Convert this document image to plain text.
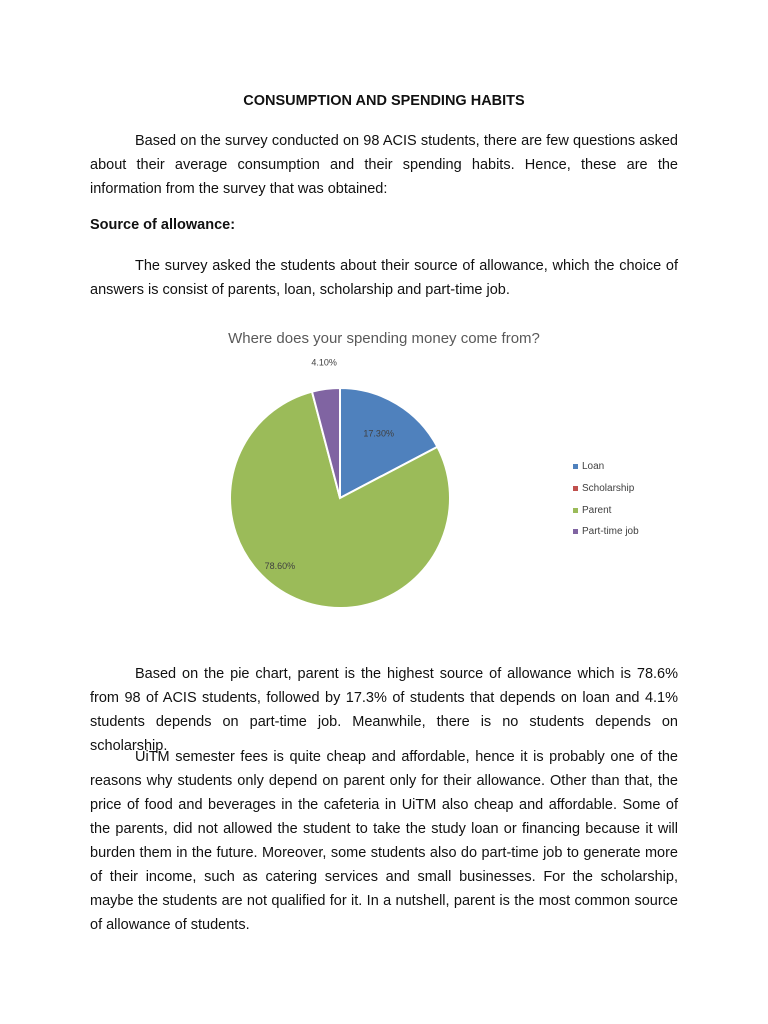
CONSUMPTION AND SPENDING HABITS

Based on the survey conducted on 98 ACIS students, there are few questions asked about their average consumption and their spending habits. Hence, these are the information from the survey that was obtained:

Source of allowance:

The survey asked the students about their source of allowance, which the choice of answers is consist of parents, loan, scholarship and part-time job.

17.30%
78.60%
4.10%

Where does your spending money come from?

Loan
Scholarship
Parent
Part-time job

Based on the pie chart, parent is the highest source of allowance which is 78.6% from 98 of ACIS students, followed by 17.3% of students that depends on loan and 4.1% students depends on part-time job. Meanwhile, there is no students depends on scholarship.

UiTM semester fees is quite cheap and affordable, hence it is probably one of the reasons why students only depend on parent only for their allowance. Other than that, the price of food and beverages in the cafeteria in UiTM also cheap and affordable. Some of the parents, did not allowed the student to take the study loan or financing because it will burden them in the future. Moreover, some students also do part-time job to generate more of their income, such as catering services and small businesses. For the scholarship, maybe the students are not qualified for it. In a nutshell, parent is the most common source of allowance of students.
